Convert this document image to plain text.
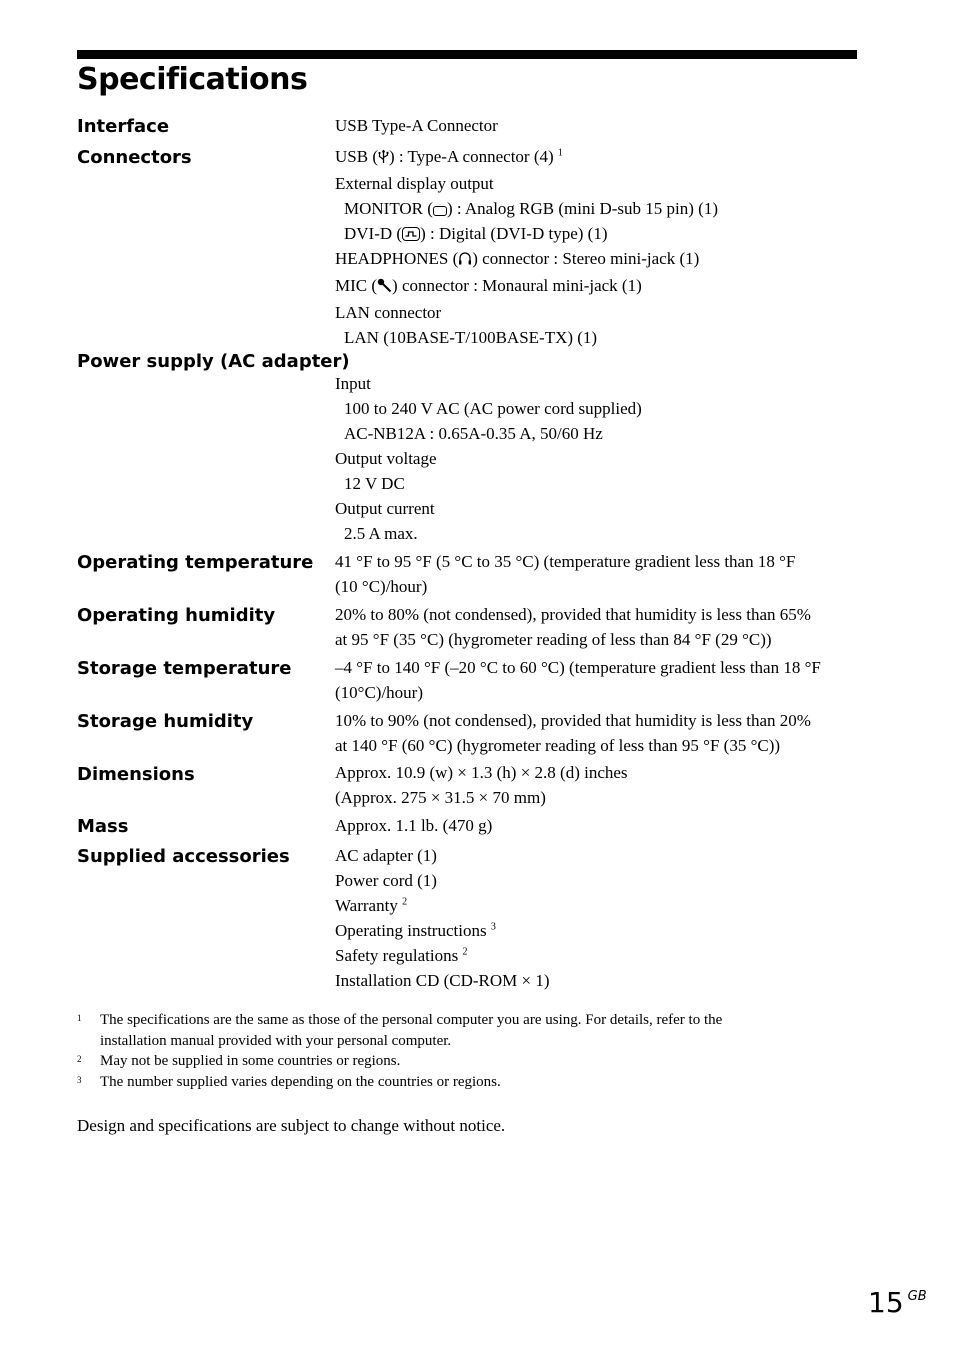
Specifications
Interface	USB Type-A Connector
Connectors	USB ( ) : Type-A connector (4) $^1$
External display output
MONITOR ( ) : Analog RGB (mini D-sub 15 pin) (1)
DVI-D ( ) : Digital (DVI-D type) (1)
HEADPHONES ( ) connector : Stereo mini-jack (1)
MIC ( ) connector : Monaural mini-jack (1)
LAN connector
LAN (10BASE-T/100BASE-TX) (1)
Power supply (AC adapter)
Input
100 to 240 V AC (AC power cord supplied)
AC-NB12A : 0.65A-0.35 A, 50/60 Hz
Output voltage
12 V DC
Output current
2.5 A max.
Operating temperature 41 °F to 95 °F (5 °C to 35 °C) (temperature gradient less than 18 °F
(10 °C)/hour)
Operating humidity	20% to 80% (not condensed), provided that humidity is less than 65%
at 95 °F (35 °C) (hygrometer reading of less than 84 °F (29 °C))
Storage temperature	–4 °F to 140 °F (–20 °C to 60 °C) (temperature gradient less than 18 °F
(10°C)/hour)
Storage humidity	10% to 90% (not condensed), provided that humidity is less than 20%
at 140 °F (60 °C) (hygrometer reading of less than 95 °F (35 °C))
Dimensions	Approx. 10.9 (w) × 1.3 (h) × 2.8 (d) inches
(Approx. 275 × 31.5 × 70 mm)
Mass	Approx. 1.1 lb. (470 g)
Supplied accessories	AC adapter (1)
Power cord (1)
Warranty $^2$
Operating instructions $^3$
Safety regulations $^2$
Installation CD (CD-ROM × 1)
1 The specifications are the same as those of the personal computer you are using. For details, refer to the
installation manual provided with your personal computer.
2 May not be supplied in some countries or regions.
3 The number supplied varies depending on the countries or regions.
Design and specifications are subject to change without notice.
15 $^{GB}$
